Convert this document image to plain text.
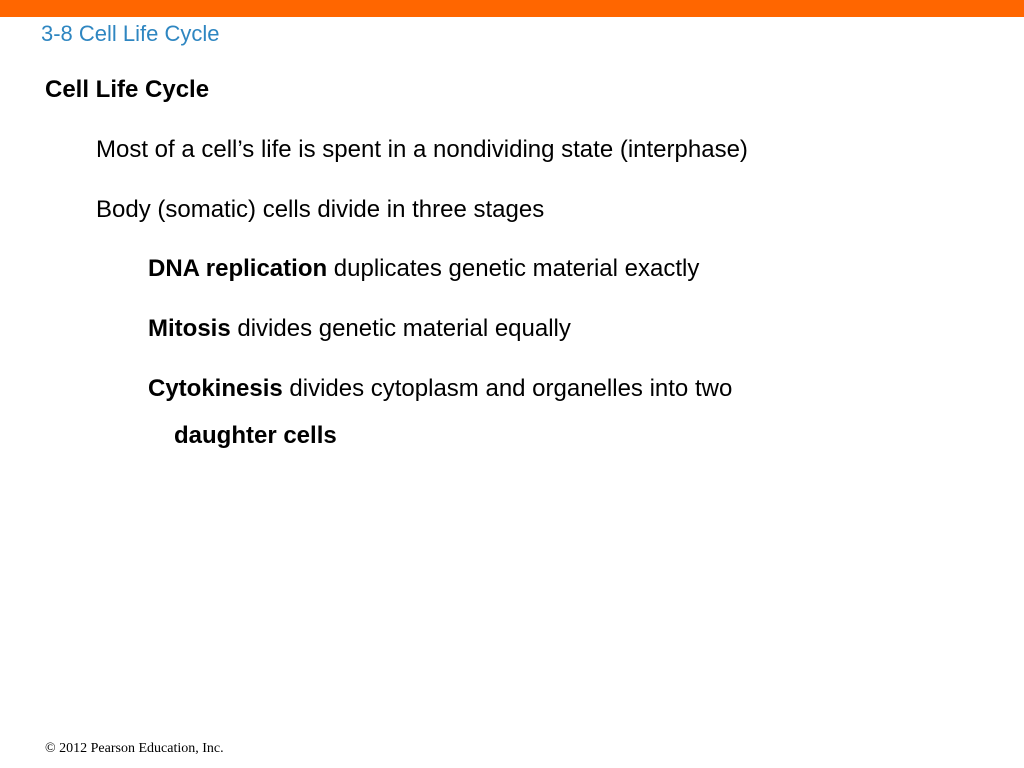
3-8 Cell Life Cycle
Cell Life Cycle
Most of a cell’s life is spent in a nondividing state (interphase)
Body (somatic) cells divide in three stages
DNA replication duplicates genetic material exactly
Mitosis divides genetic material equally
Cytokinesis divides cytoplasm and organelles into two
daughter cells
© 2012 Pearson Education, Inc.
